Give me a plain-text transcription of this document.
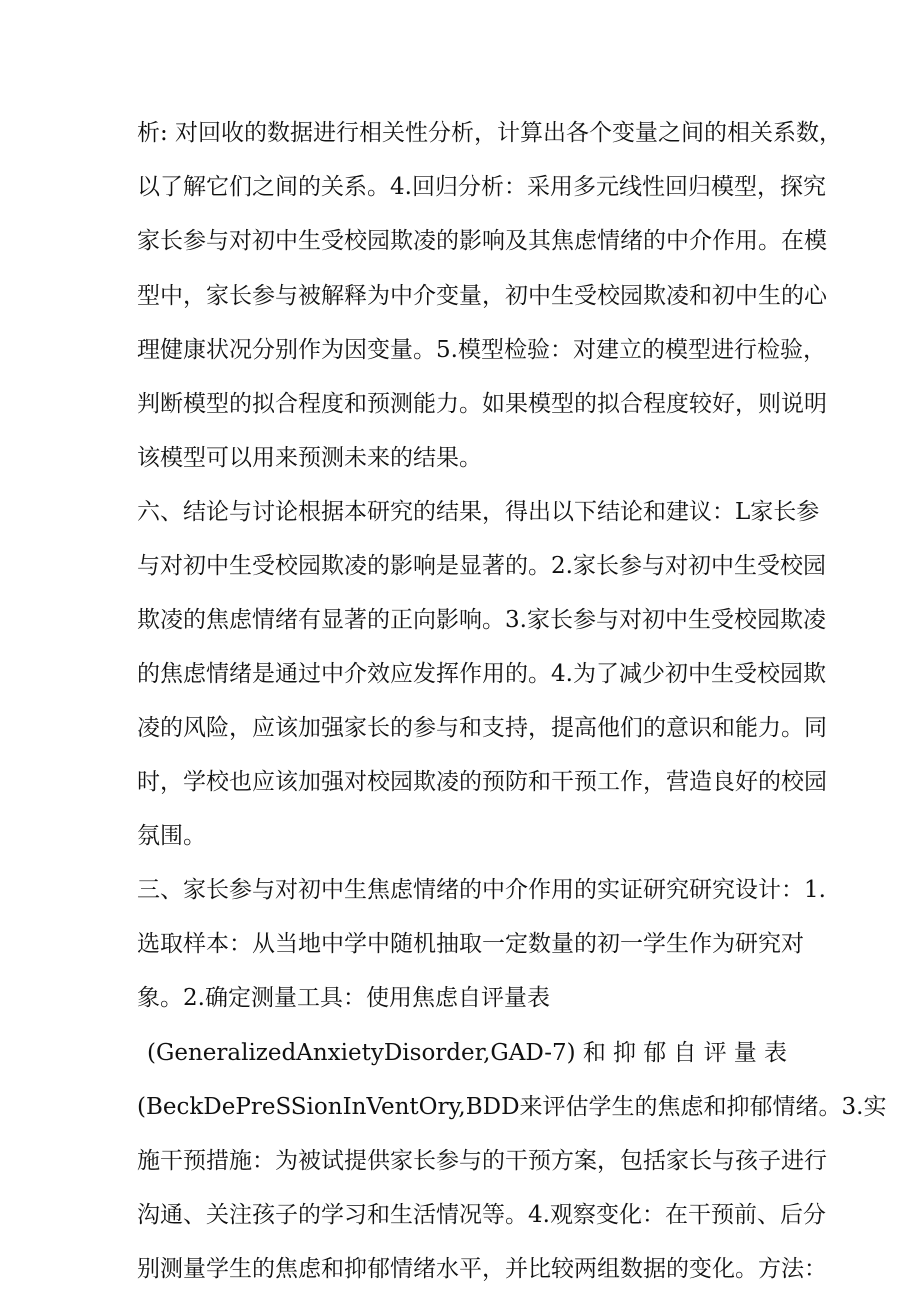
析: 对回收的数据进行相关性分析，计算出各个变量之间的相关系数，
以了解它们之间的关系。4.回归分析：采用多元线性回归模型，探究
家长参与对初中生受校园欺凌的影响及其焦虑情绪的中介作用。在模
型中，家长参与被解释为中介变量，初中生受校园欺凌和初中生的心
理健康状况分别作为因变量。5.模型检验：对建立的模型进行检验，
判断模型的拟合程度和预测能力。如果模型的拟合程度较好，则说明
该模型可以用来预测未来的结果。
六、结论与讨论根据本研究的结果，得出以下结论和建议：L家长参
与对初中生受校园欺凌的影响是显著的。2.家长参与对初中生受校园
欺凌的焦虑情绪有显著的正向影响。3.家长参与对初中生受校园欺凌
的焦虑情绪是通过中介效应发挥作用的。4.为了减少初中生受校园欺
凌的风险，应该加强家长的参与和支持，提高他们的意识和能力。同
时，学校也应该加强对校园欺凌的预防和干预工作，营造良好的校园
氛围。
三、家长参与对初中生焦虑情绪的中介作用的实证研究研究设计：1.
选取样本：从当地中学中随机抽取一定数量的初一学生作为研究对
象。2.确定测量工具：使用焦虑自评量表
(GeneralizedAnxietyDisorder,GAD-7) 和 抑 郁 自 评 量 表
(BeckDePreSSionInVentOry,BDD来评估学生的焦虑和抑郁情绪。3.实
施干预措施：为被试提供家长参与的干预方案，包括家长与孩子进行
沟通、关注孩子的学习和生活情况等。4.观察变化：在干预前、后分
别测量学生的焦虑和抑郁情绪水平，并比较两组数据的变化。方法：
